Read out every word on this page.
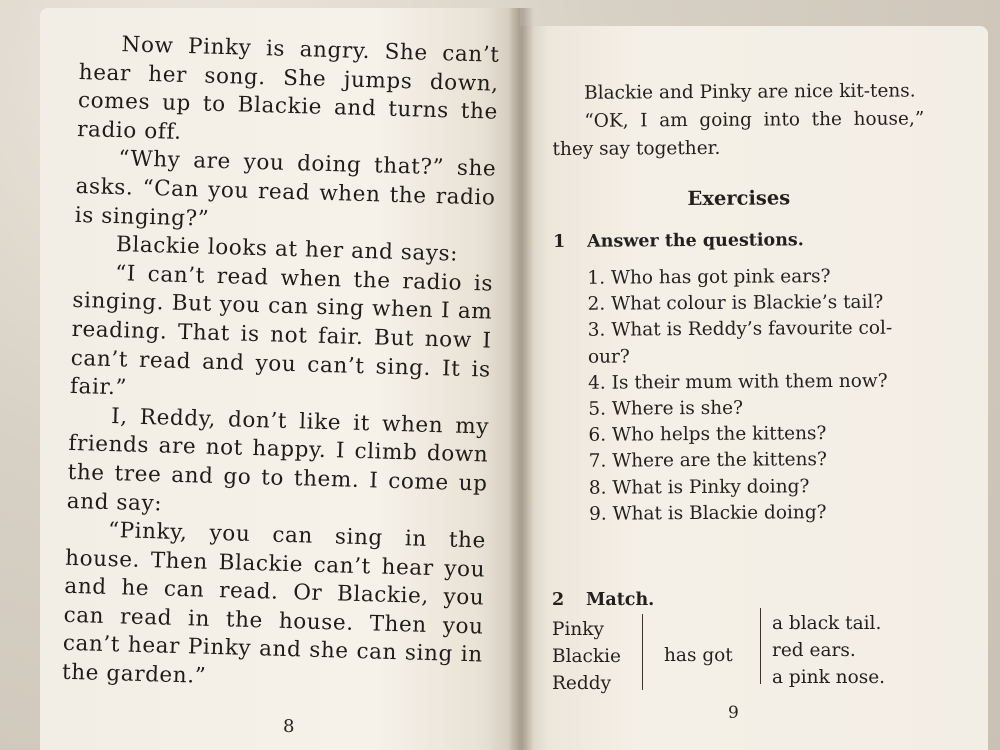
Now Pinky is angry. She can’t hear her song. She jumps down, comes up to Blackie and turns the radio off.

“Why are you doing that?” she asks. “Can you read when the radio is singing?”

Blackie looks at her and says:

“I can’t read when the radio is singing. But you can sing when I am reading. That is not fair. But now I can’t read and you can’t sing. It is fair.”

I, Reddy, don’t like it when my friends are not happy. I climb down the tree and go to them. I come up and say:

“Pinky, you can sing in the house. Then Blackie can’t hear you and he can read. Or Blackie, you can read in the house. Then you can’t hear Pinky and she can sing in the garden.”

8

Blackie and Pinky are nice kit-tens.

“OK, I am going into the house,” they say together.

Exercises
1 Answer the questions.
1. Who has got pink ears?
2. What colour is Blackie’s tail?
3. What is Reddy’s favourite col-our?
4. Is their mum with them now?
5. Where is she?
6. Who helps the kittens?
7. Where are the kittens?
8. What is Pinky doing?
9. What is Blackie doing?
2 Match.
Pinky
Blackie
Reddy
has got
a black tail.
red ears.
a pink nose.
9
